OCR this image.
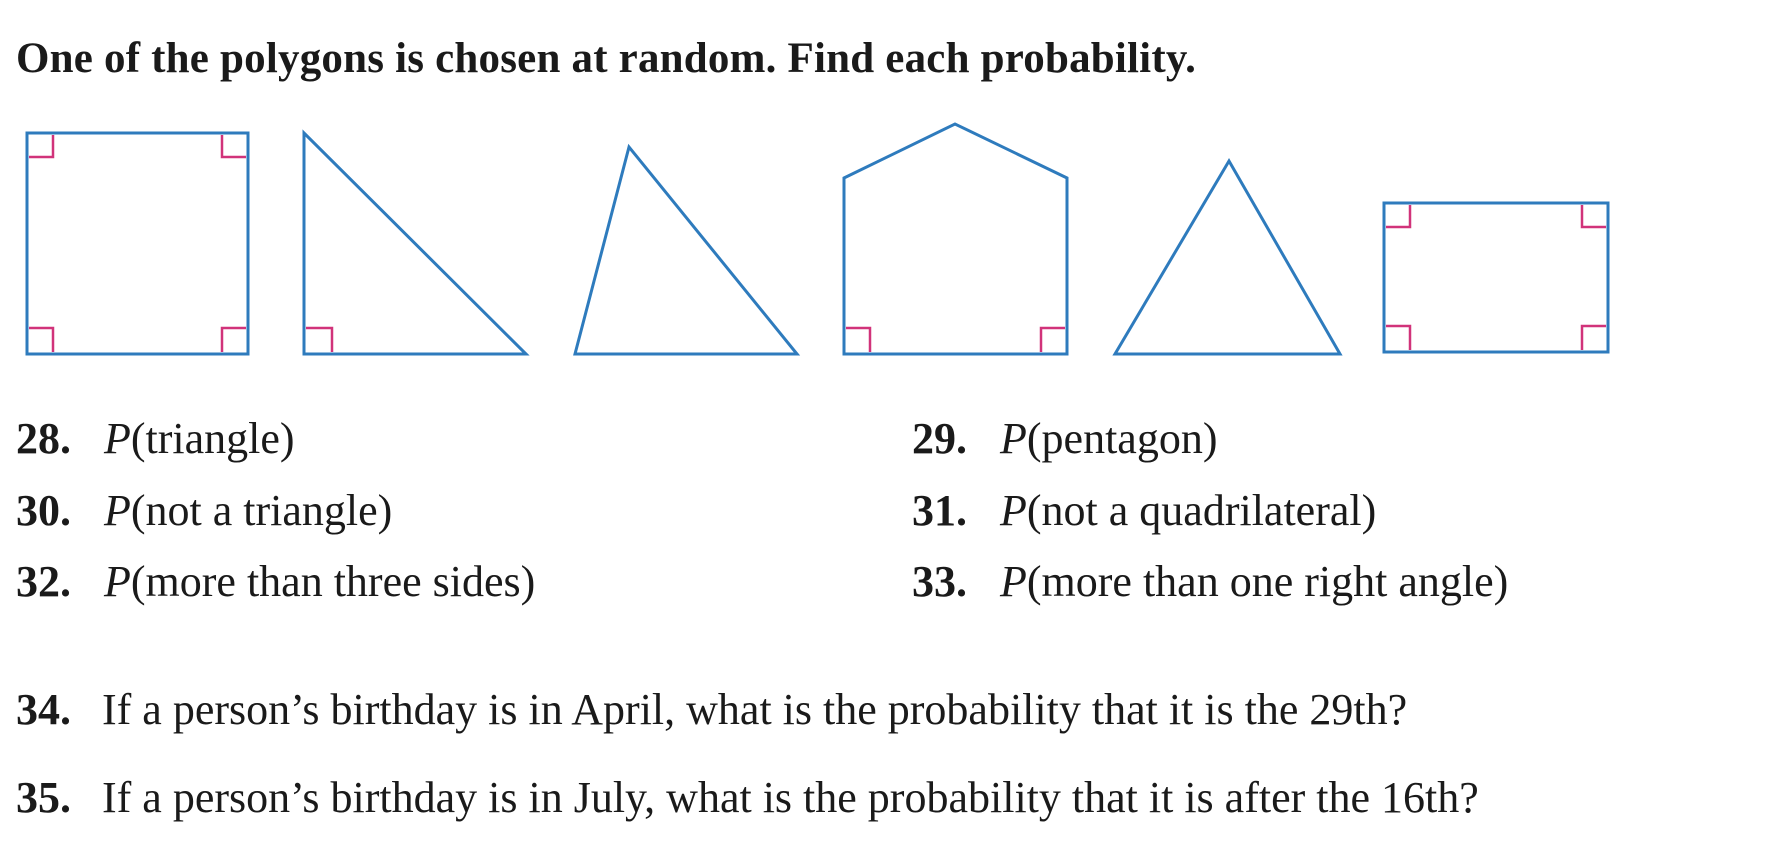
One of the polygons is chosen at random. Find each probability.
28. P(triangle)	29. P(pentagon)
30. P(not a triangle)	31. P(not a quadrilateral)
32. P(more than three sides)	33. P(more than one right angle)
34. If a person’s birthday is in April, what is the probability that it is the 29th?
35. If a person’s birthday is in July, what is the probability that it is after the 16th?
